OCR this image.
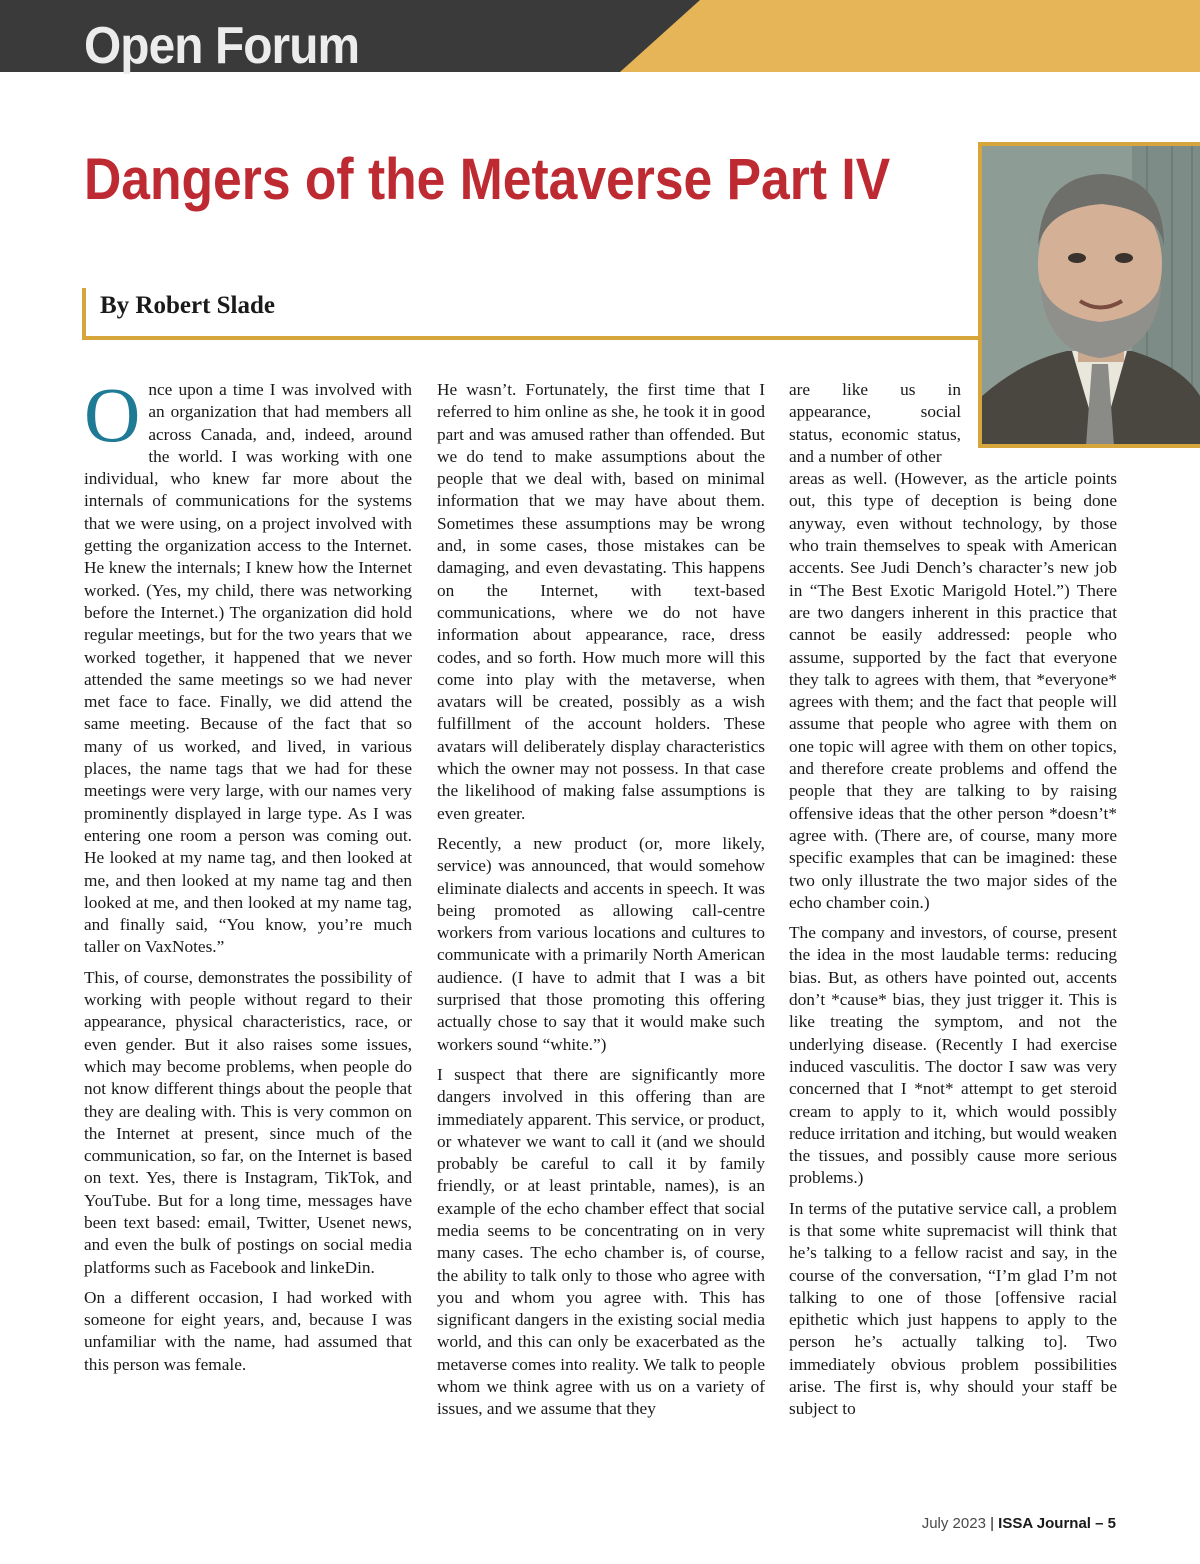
Open Forum
Dangers of the Metaverse Part IV
By Robert Slade

Once upon a time I was involved with an organization that had members all across Canada, and, indeed, around the world. I was working with one individual, who knew far more about the internals of communications for the systems that we were using, on a project involved with getting the organization access to the Internet. He knew the internals; I knew how the Internet worked. (Yes, my child, there was networking before the Internet.) The organization did hold regular meetings, but for the two years that we worked together, it happened that we never attended the same meetings so we had never met face to face. Finally, we did attend the same meeting. Because of the fact that so many of us worked, and lived, in various places, the name tags that we had for these meetings were very large, with our names very prominently displayed in large type. As I was entering one room a person was coming out. He looked at my name tag, and then looked at me, and then looked at my name tag and then looked at me, and then looked at my name tag, and finally said, “You know, you’re much taller on VaxNotes.”

This, of course, demonstrates the possibility of working with people without regard to their appearance, physical characteristics, race, or even gender. But it also raises some issues, which may become problems, when people do not know different things about the people that they are dealing with. This is very common on the Internet at present, since much of the communication, so far, on the Internet is based on text. Yes, there is Instagram, TikTok, and YouTube. But for a long time, messages have been text based: email, Twitter, Usenet news, and even the bulk of postings on social media platforms such as Facebook and linkeDin.

On a different occasion, I had worked with someone for eight years, and, because I was unfamiliar with the name, had assumed that this person was female.

He wasn’t. Fortunately, the first time that I referred to him online as she, he took it in good part and was amused rather than offended. But we do tend to make assumptions about the people that we deal with, based on minimal information that we may have about them. Sometimes these assumptions may be wrong and, in some cases, those mistakes can be damaging, and even devastating. This happens on the Internet, with text-based communications, where we do not have information about appearance, race, dress codes, and so forth. How much more will this come into play with the metaverse, when avatars will be created, possibly as a wish fulfillment of the account holders. These avatars will deliberately display characteristics which the owner may not possess. In that case the likelihood of making false assumptions is even greater.

Recently, a new product (or, more likely, service) was announced, that would somehow eliminate dialects and accents in speech. It was being promoted as allowing call-centre workers from various locations and cultures to communicate with a primarily North American audience. (I have to admit that I was a bit surprised that those promoting this offering actually chose to say that it would make such workers sound “white.”)

I suspect that there are significantly more dangers involved in this offering than are immediately apparent. This service, or product, or whatever we want to call it (and we should probably be careful to call it by family friendly, or at least printable, names), is an example of the echo chamber effect that social media seems to be concentrating on in very many cases. The echo chamber is, of course, the ability to talk only to those who agree with you and whom you agree with. This has significant dangers in the existing social media world, and this can only be exacerbated as the metaverse comes into reality. We talk to people whom we think agree with us on a variety of issues, and we assume that they

are like us in appearance, social status, economic status, and a number of other
areas as well. (However, as the article points out, this type of deception is being done anyway, even without technology, by those who train themselves to speak with American accents. See Judi Dench’s character’s new job in “The Best Exotic Marigold Hotel.”) There are two dangers inherent in this practice that cannot be easily addressed: people who assume, supported by the fact that everyone they talk to agrees with them, that *everyone* agrees with them; and the fact that people will assume that people who agree with them on one topic will agree with them on other topics, and therefore create problems and offend the people that they are talking to by raising offensive ideas that the other person *doesn’t* agree with. (There are, of course, many more specific examples that can be imagined: these two only illustrate the two major sides of the echo chamber coin.)

The company and investors, of course, present the idea in the most laudable terms: reducing bias. But, as others have pointed out, accents don’t *cause* bias, they just trigger it. This is like treating the symptom, and not the underlying disease. (Recently I had exercise induced vasculitis. The doctor I saw was very concerned that I *not* attempt to get steroid cream to apply to it, which would possibly reduce irritation and itching, but would weaken the tissues, and possibly cause more serious problems.)

In terms of the putative service call, a problem is that some white supremacist will think that he’s talking to a fellow racist and say, in the course of the conversation, “I’m glad I’m not talking to one of those [offensive racial epithetic which just happens to apply to the person he’s actually talking to]. Two immediately obvious problem possibilities arise. The first is, why should your staff be subject to

July 2023 | ISSA Journal – 5
